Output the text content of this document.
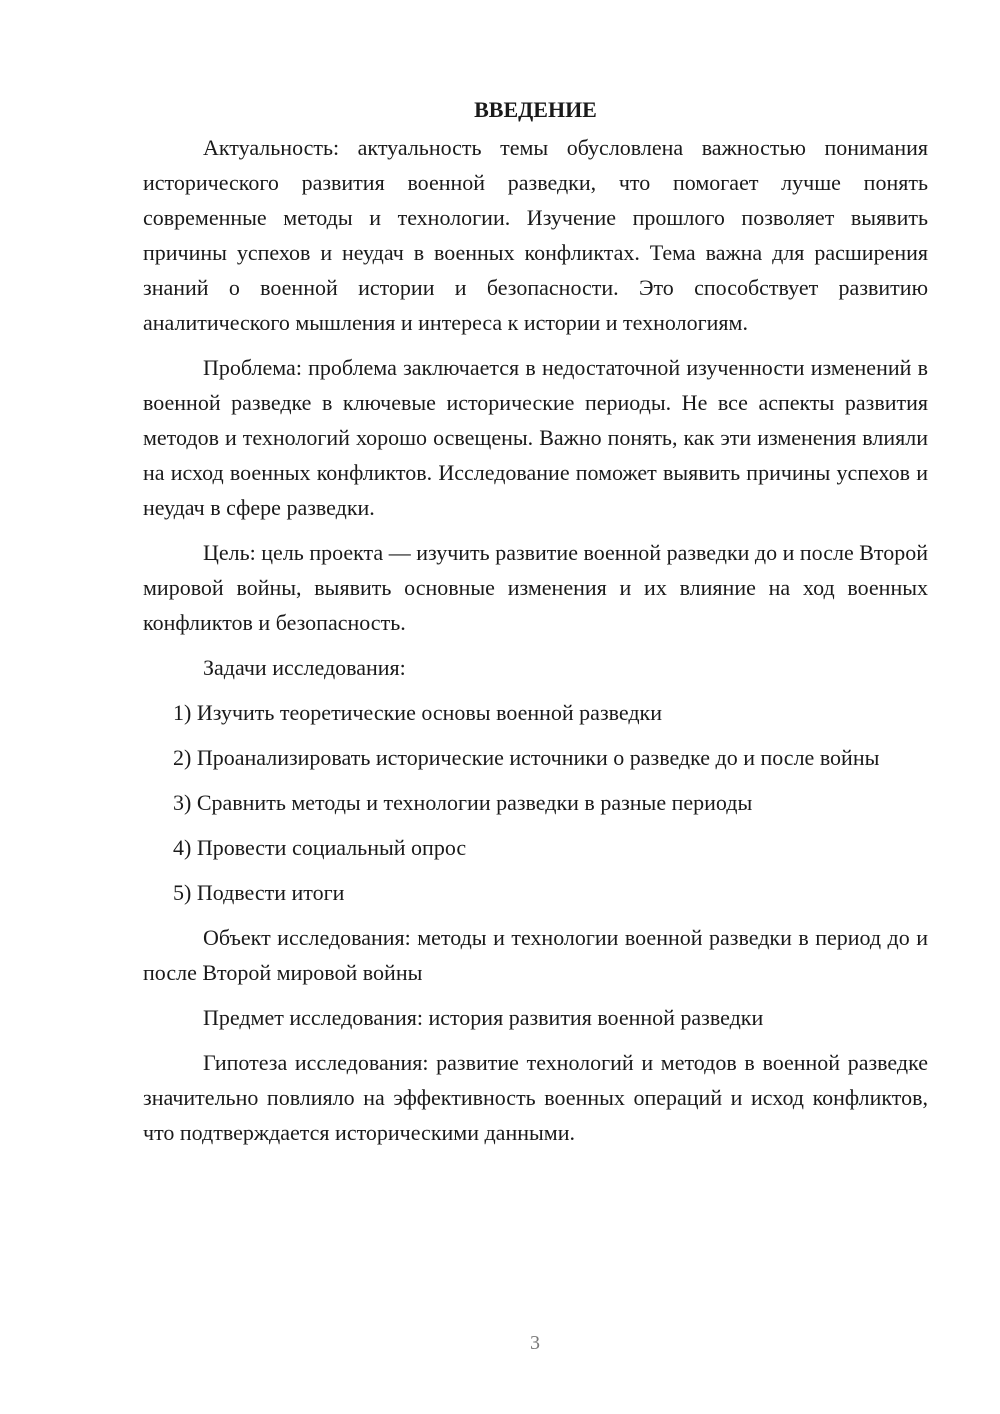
ВВЕДЕНИЕ

Актуальность: актуальность темы обусловлена важностью понимания исторического развития военной разведки, что помогает лучше понять современные методы и технологии. Изучение прошлого позволяет выявить причины успехов и неудач в военных конфликтах. Тема важна для расширения знаний о военной истории и безопасности. Это способствует развитию аналитического мышления и интереса к истории и технологиям.

Проблема: проблема заключается в недостаточной изученности изменений в военной разведке в ключевые исторические периоды. Не все аспекты развития методов и технологий хорошо освещены. Важно понять, как эти изменения влияли на исход военных конфликтов. Исследование поможет выявить причины успехов и неудач в сфере разведки.

Цель: цель проекта — изучить развитие военной разведки до и после Второй мировой войны, выявить основные изменения и их влияние на ход военных конфликтов и безопасность.

Задачи исследования:

1) Изучить теоретические основы военной разведки

2) Проанализировать исторические источники о разведке до и после войны

3) Сравнить методы и технологии разведки в разные периоды

4) Провести социальный опрос

5) Подвести итоги

Объект исследования: методы и технологии военной разведки в период до и после Второй мировой войны

Предмет исследования: история развития военной разведки

Гипотеза исследования: развитие технологий и методов в военной разведке значительно повлияло на эффективность военных операций и исход конфликтов, что подтверждается историческими данными.

3
